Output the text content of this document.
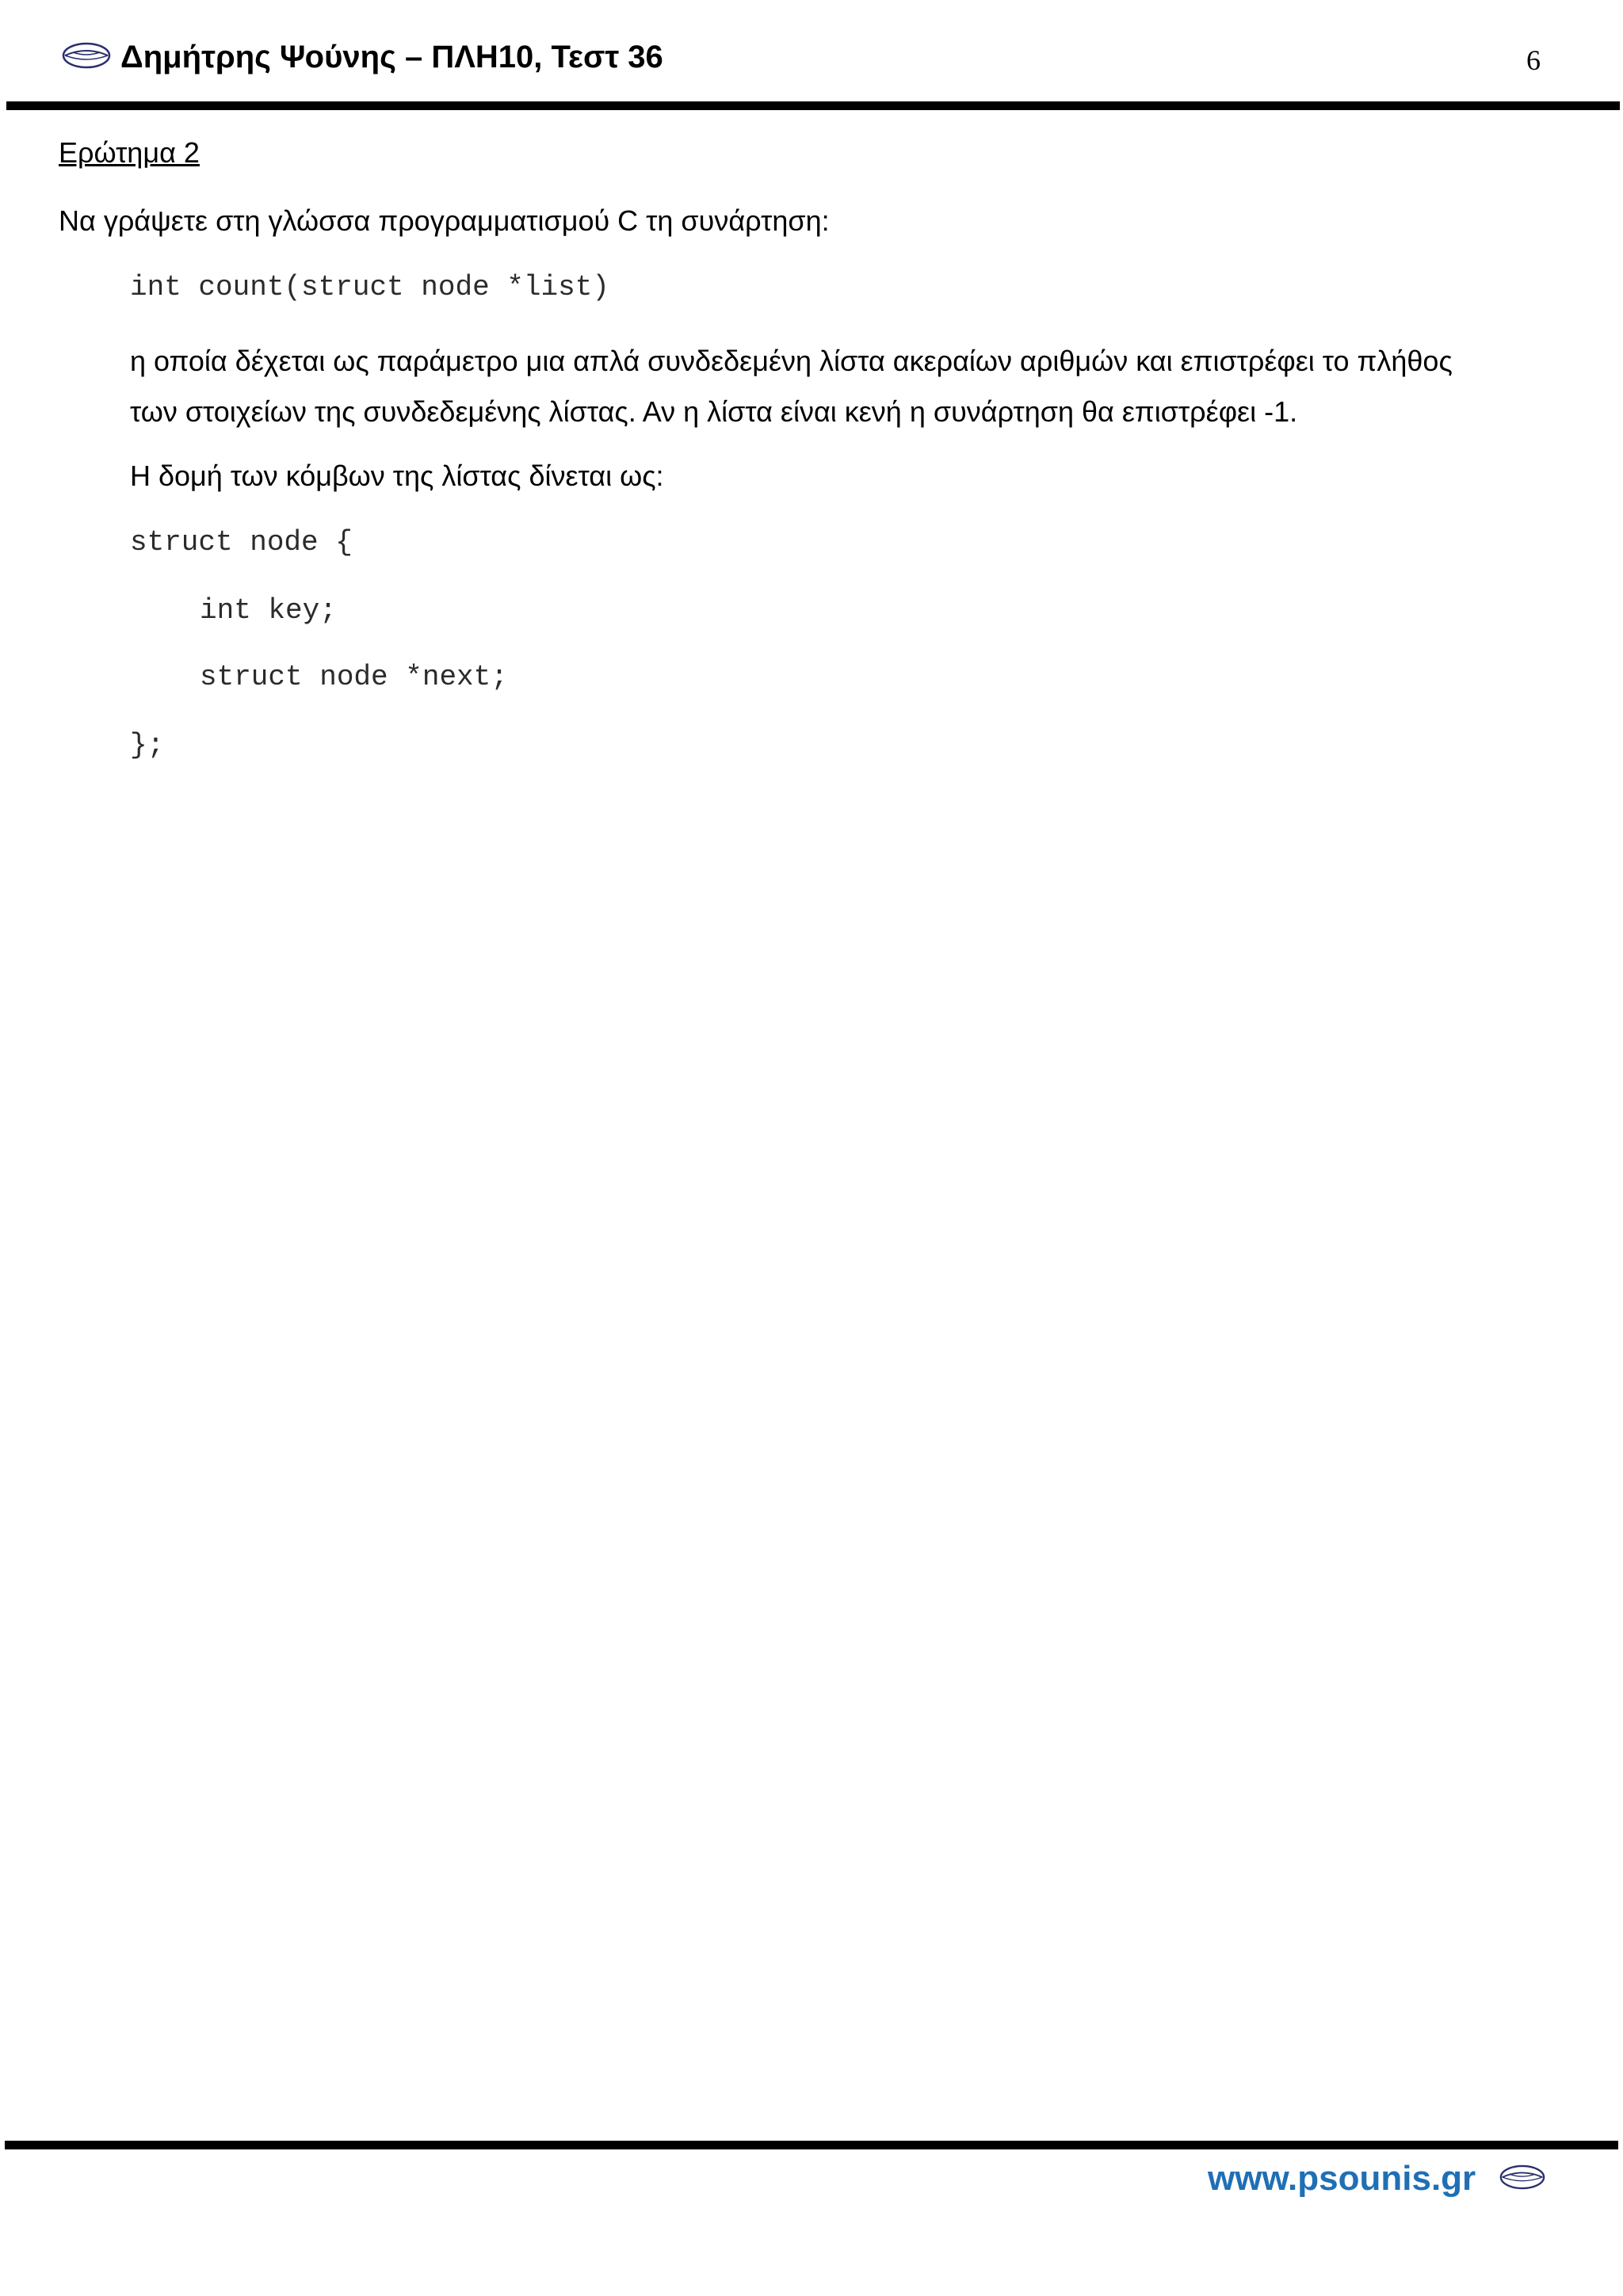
Δημήτρης Ψούνης – ΠΛΗ10, Τεστ 36	6
Ερώτημα 2
Να γράψετε στη γλώσσα προγραμματισμού C τη συνάρτηση:
int count(struct node *list)

η οποία δέχεται ως παράμετρο μια απλά συνδεδεμένη λίστα ακεραίων αριθμών και επιστρέφει το πλήθος

των στοιχείων της συνδεδεμένης λίστας. Αν η λίστα είναι κενή η συνάρτηση θα επιστρέφει -1.

Η δομή των κόμβων της λίστας δίνεται ως:
struct node {
int key;
struct node *next;
};
www.psounis.gr
